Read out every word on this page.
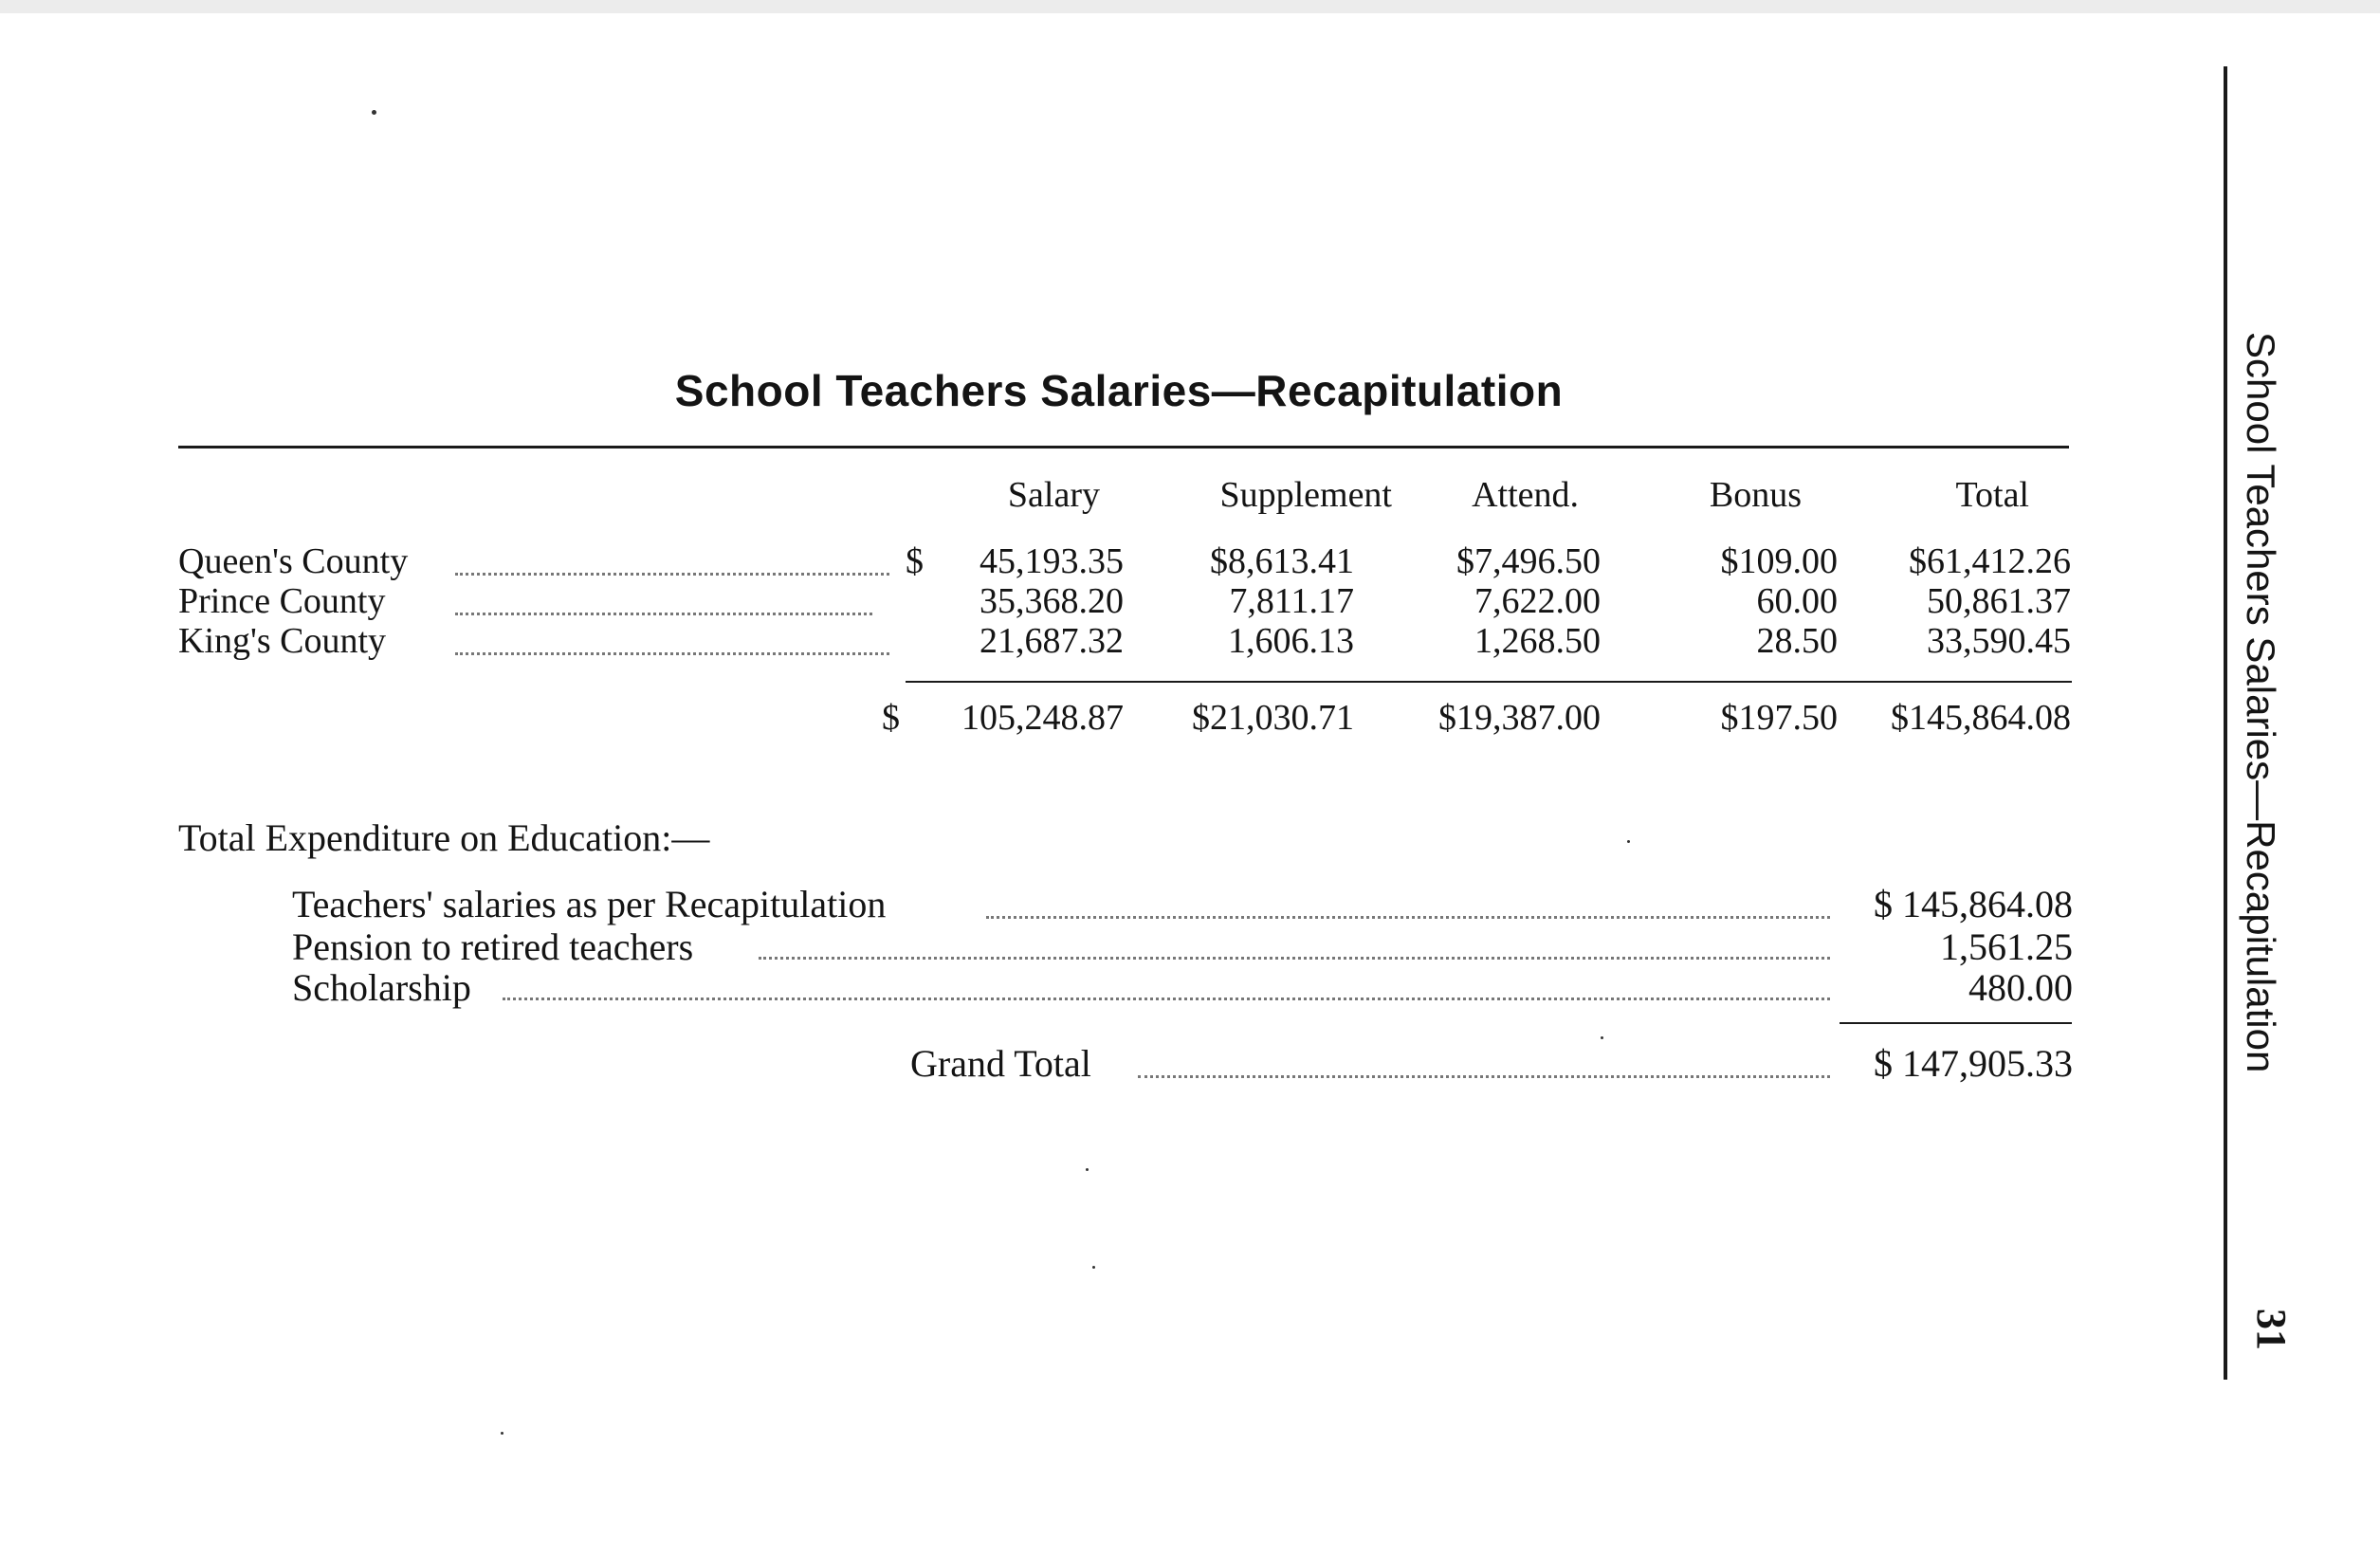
School Teachers Salaries—Recapitulation
Salary	Supplement	Attend.	Bonus	Total
Queen's County	$	45,193.35	$8,613.41	$7,496.50	$109.00	$61,412.26
Prince County	35,368.20	7,811.17	7,622.00	60.00	50,861.37
King's County	21,687.32	1,606.13	1,268.50	28.50	33,590.45
$	105,248.87	$21,030.71	$19,387.00	$197.50	$145,864.08
Total Expenditure on Education:—
Teachers' salaries as per Recapitulation	$ 145,864.08
Pension to retired teachers	1,561.25
Scholarship	480.00
Grand Total	$ 147,905.33	School Teachers Salaries—Recapitulation
31
